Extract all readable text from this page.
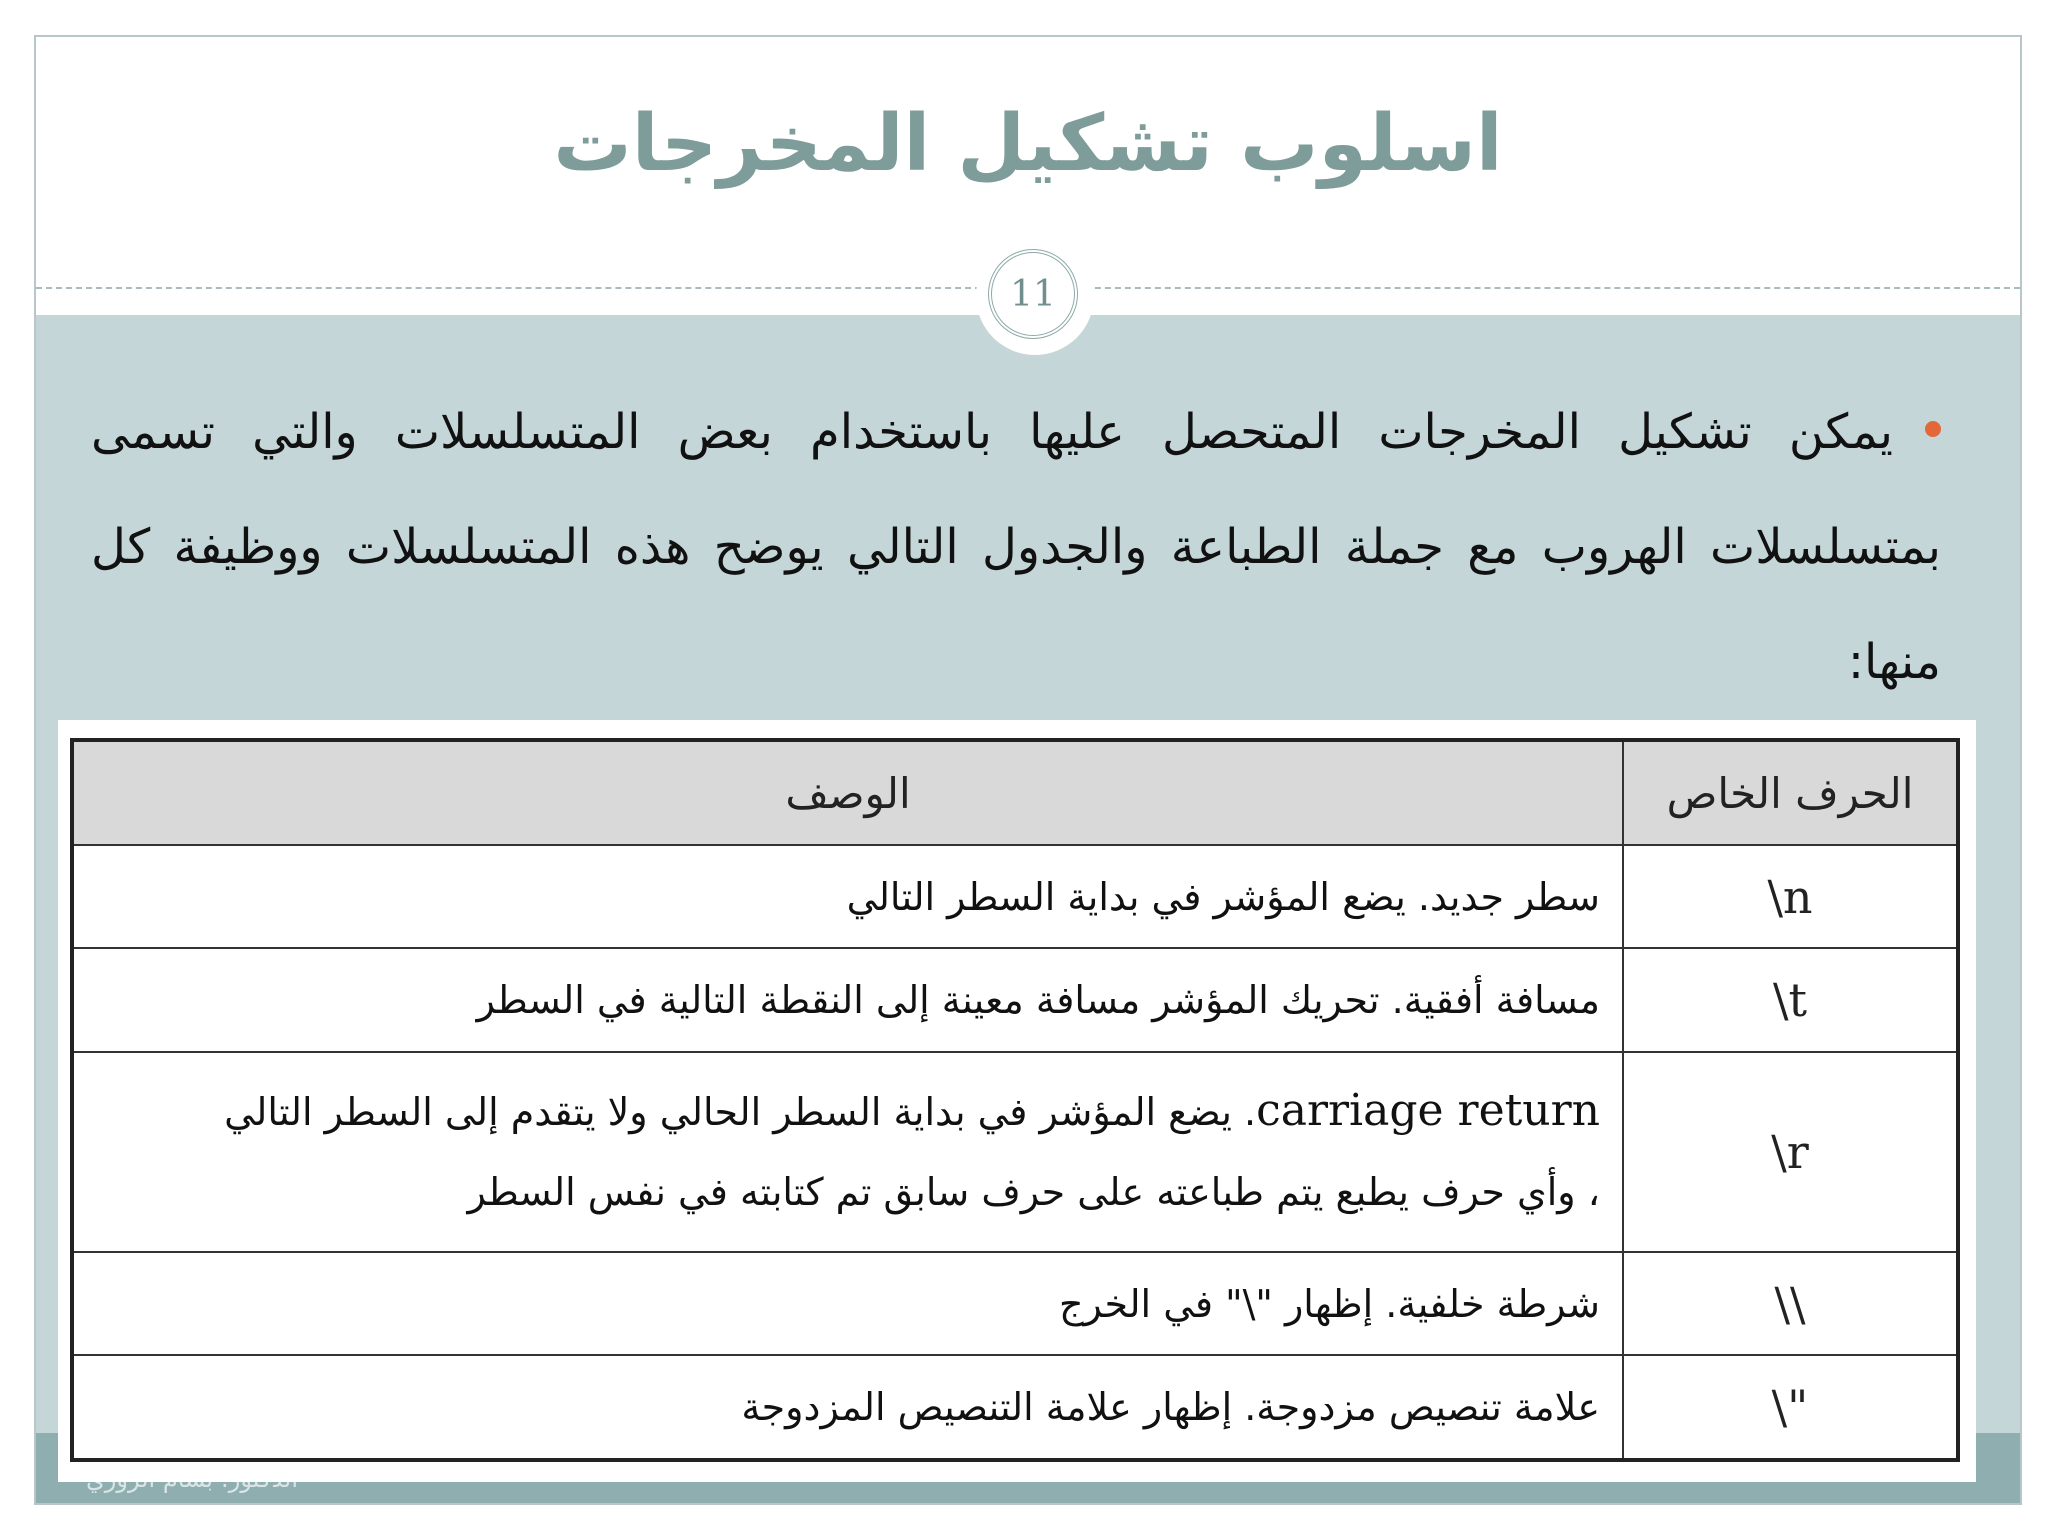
اسلوب تشكيل المخرجات
11
يمكن تشكيل المخرجات المتحصل عليها باستخدام بعض المتسلسلات والتي تسمى بمتسلسلات الهروب مع جملة الطباعة والجدول التالي يوضح هذه المتسلسلات ووظيفة كل منها:
الحرف الخاص	الوصف
\n	سطر جديد. يضع المؤشر في بداية السطر التالي
\t	مسافة أفقية. تحريك المؤشر مسافة معينة إلى النقطة التالية في السطر
\r	carriage return. يضع المؤشر في بداية السطر الحالي ولا يتقدم إلى السطر التالي
، وأي حرف يطبع يتم طباعته على حرف سابق تم كتابته في نفس السطر

\\	شرطة خلفية. إظهار "\" في الخرج
\"	علامة تنصيص مزدوجة. إظهار علامة التنصيص المزدوجة
